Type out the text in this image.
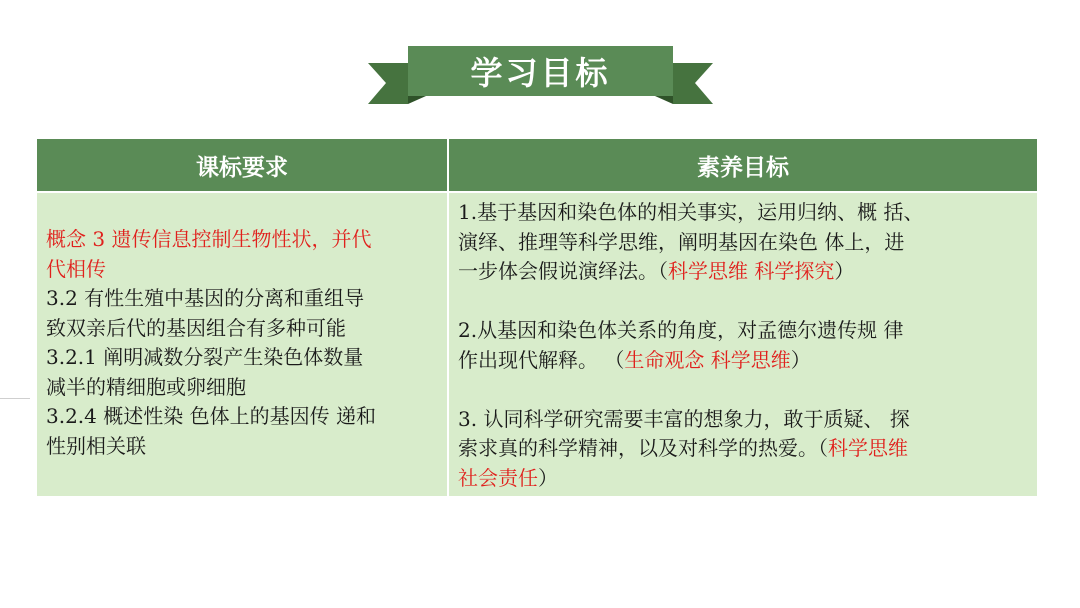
学习目标
课标要求	素养目标
概念 3 遗传信息控制生物性状，并代
代相传
3.2 有性生殖中基因的分离和重组导
致双亲后代的基因组合有多种可能
3.2.1 阐明减数分裂产生染色体数量
减半的精细胞或卵细胞
3.2.4 概述性染 色体上的基因传 递和
性别相关联
1.基于基因和染色体的相关事实，运用归纳、概 括、
演绎、推理等科学思维，阐明基因在染色 体上，进
一步体会假说演绎法。（科学思维 科学探究）
2.从基因和染色体关系的角度，对孟德尔遗传规 律
作出现代解释。 （生命观念 科学思维）
3. 认同科学研究需要丰富的想象力，敢于质疑、 探
索求真的科学精神，以及对科学的热爱。（科学思维
社会责任）
